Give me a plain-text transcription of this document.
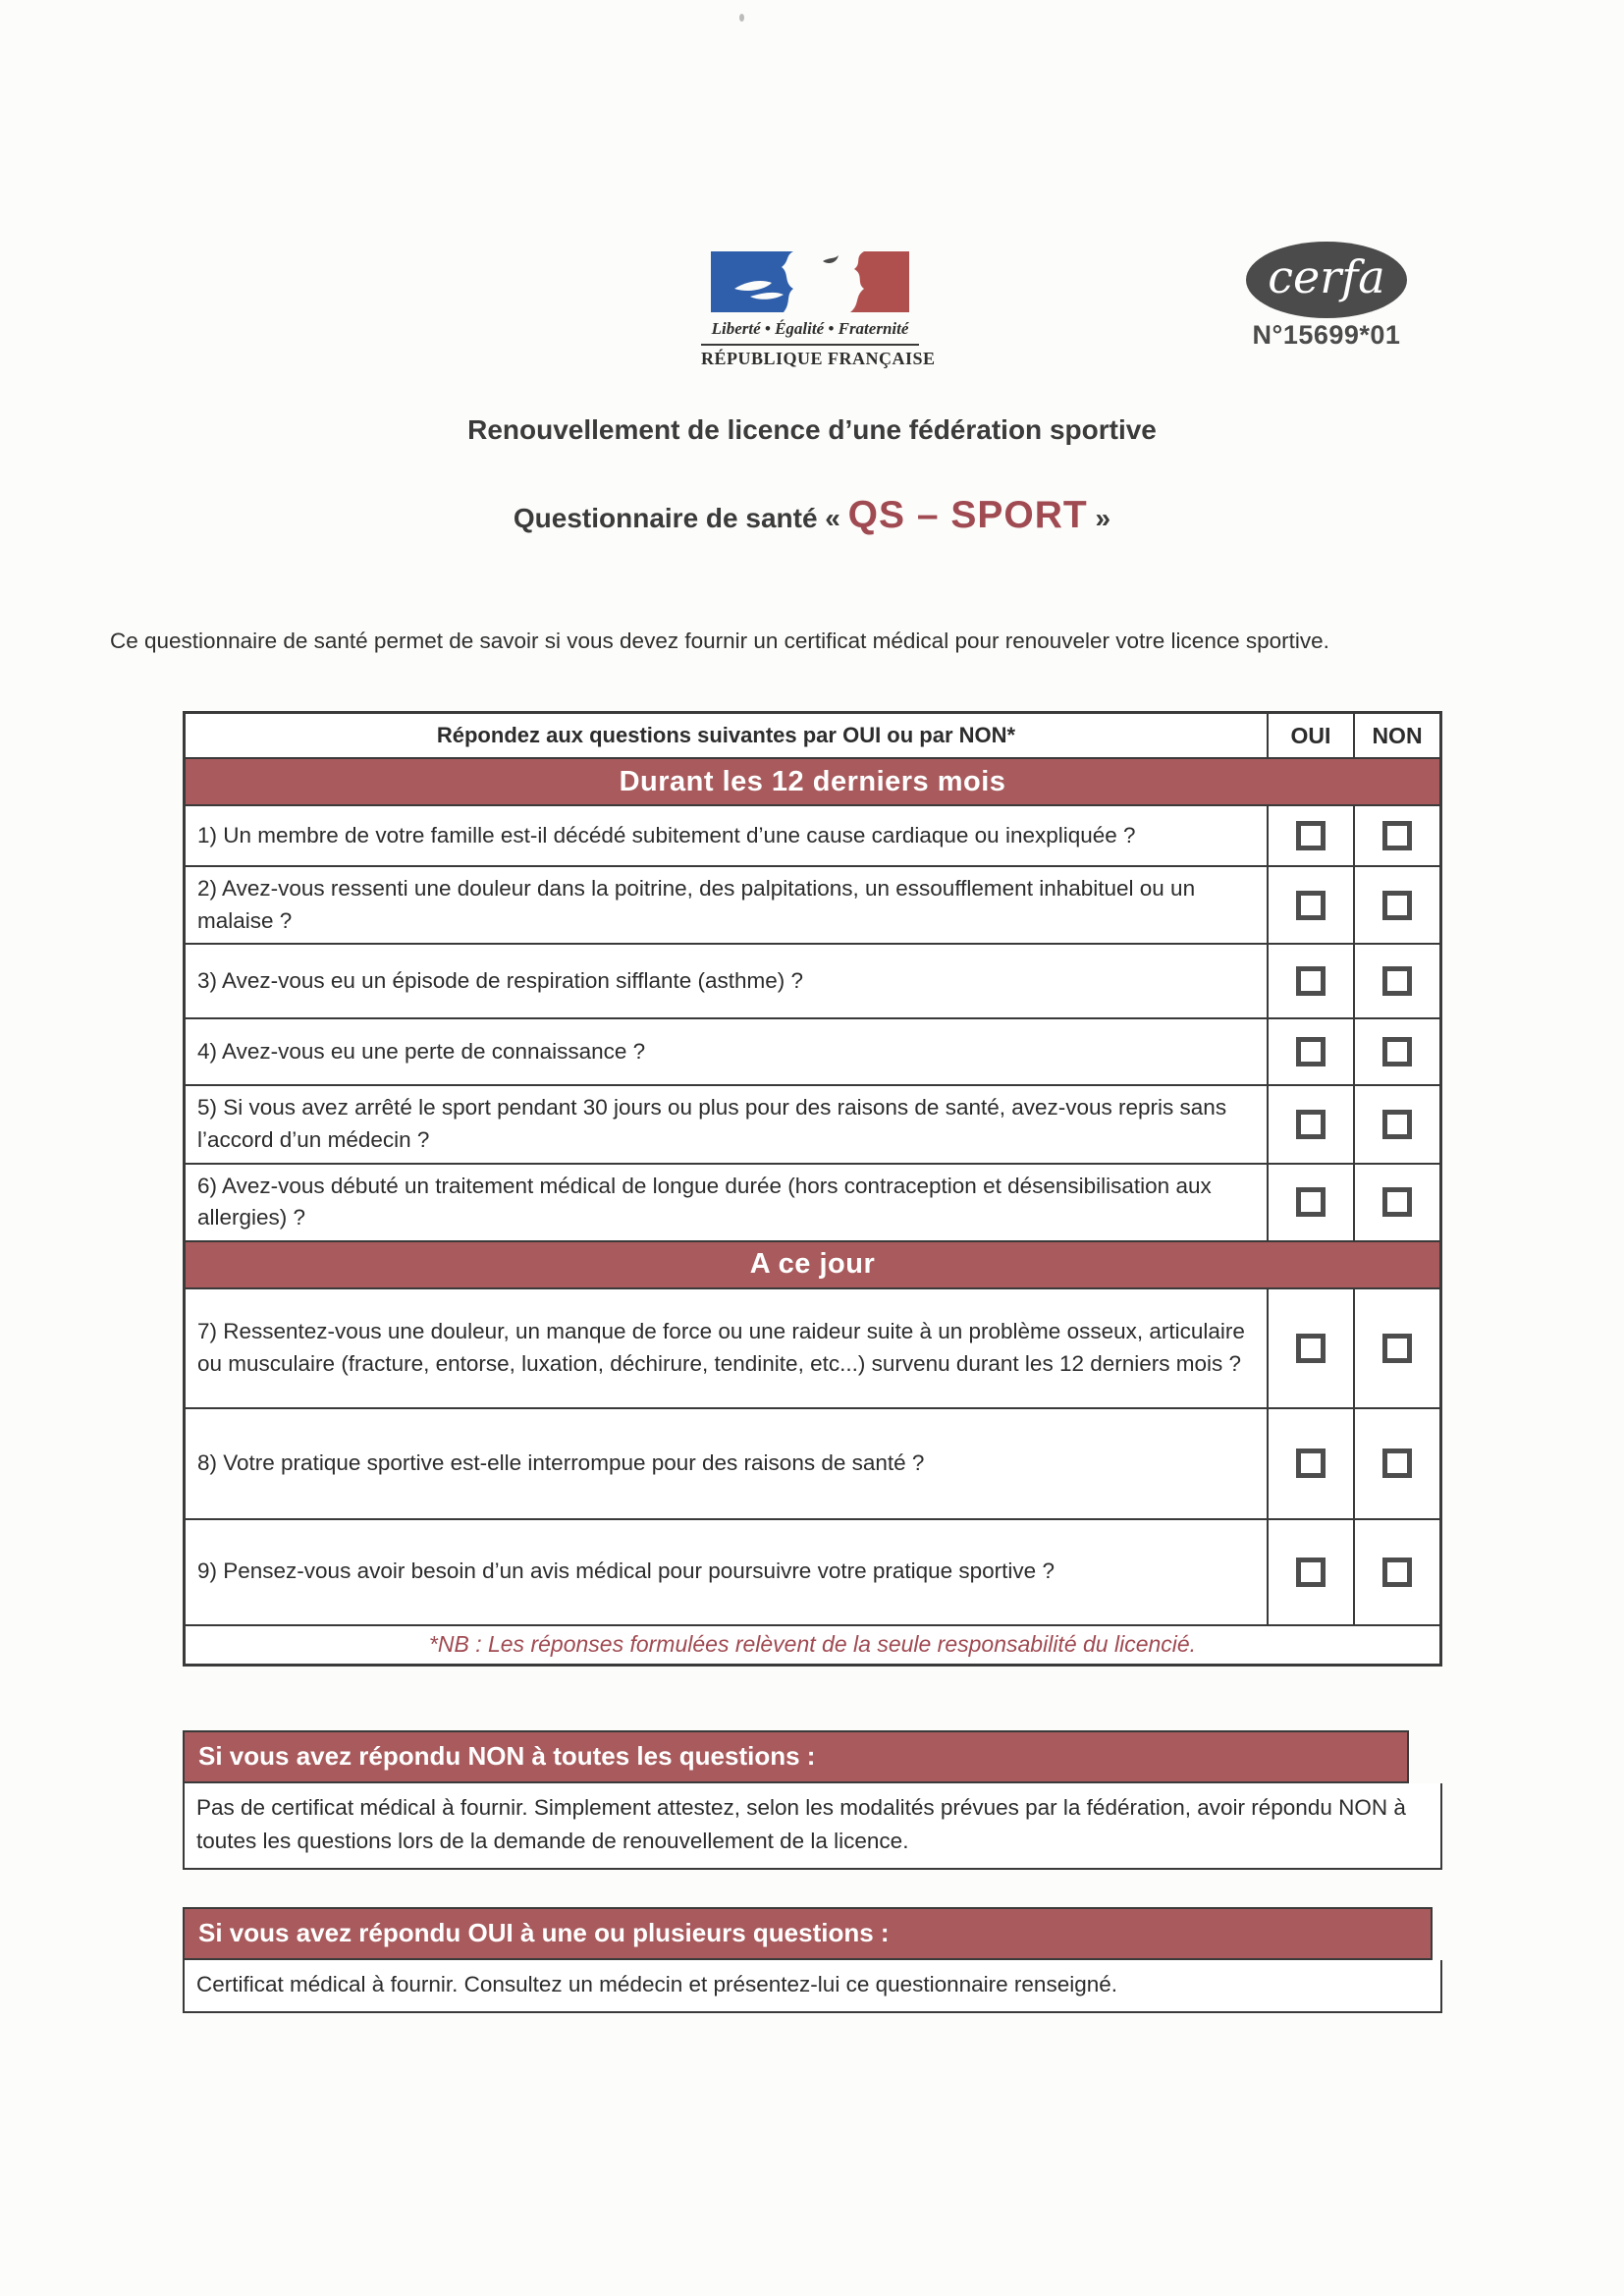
Liberté • Égalité • Fraternité
RÉPUBLIQUE FRANÇAISE
cerfa
N°15699*01
Renouvellement de licence d’une fédération sportive
Questionnaire de santé « QS – SPORT »

Ce questionnaire de santé permet de savoir si vous devez fournir un certificat médical pour renouveler votre licence sportive.

Répondez aux questions suivantes par OUI ou par NON*	OUI	NON
Durant les 12 derniers mois
1) Un membre de votre famille est-il décédé subitement d’une cause cardiaque ou inexpliquée ?
2) Avez-vous ressenti une douleur dans la poitrine, des palpitations, un essoufflement inhabituel ou un malaise ?
3) Avez-vous eu un épisode de respiration sifflante (asthme) ?
4) Avez-vous eu une perte de connaissance ?
5) Si vous avez arrêté le sport pendant 30 jours ou plus pour des raisons de santé, avez-vous repris sans l’accord d’un médecin ?
6) Avez-vous débuté un traitement médical de longue durée (hors contraception et désensibilisation aux allergies) ?
A ce jour
7) Ressentez-vous une douleur, un manque de force ou une raideur suite à un problème osseux, articulaire ou musculaire (fracture, entorse, luxation, déchirure, tendinite, etc...) survenu durant les 12 derniers mois ?
8) Votre pratique sportive est-elle interrompue pour des raisons de santé ?
9) Pensez-vous avoir besoin d’un avis médical pour poursuivre votre pratique sportive ?
*NB : Les réponses formulées relèvent de la seule responsabilité du licencié.
Si vous avez répondu NON à toutes les questions :
Pas de certificat médical à fournir. Simplement attestez, selon les modalités prévues par la fédération, avoir répondu NON à toutes les questions lors de la demande de renouvellement de la licence.
Si vous avez répondu OUI à une ou plusieurs questions :
Certificat médical à fournir. Consultez un médecin et présentez-lui ce questionnaire renseigné.
